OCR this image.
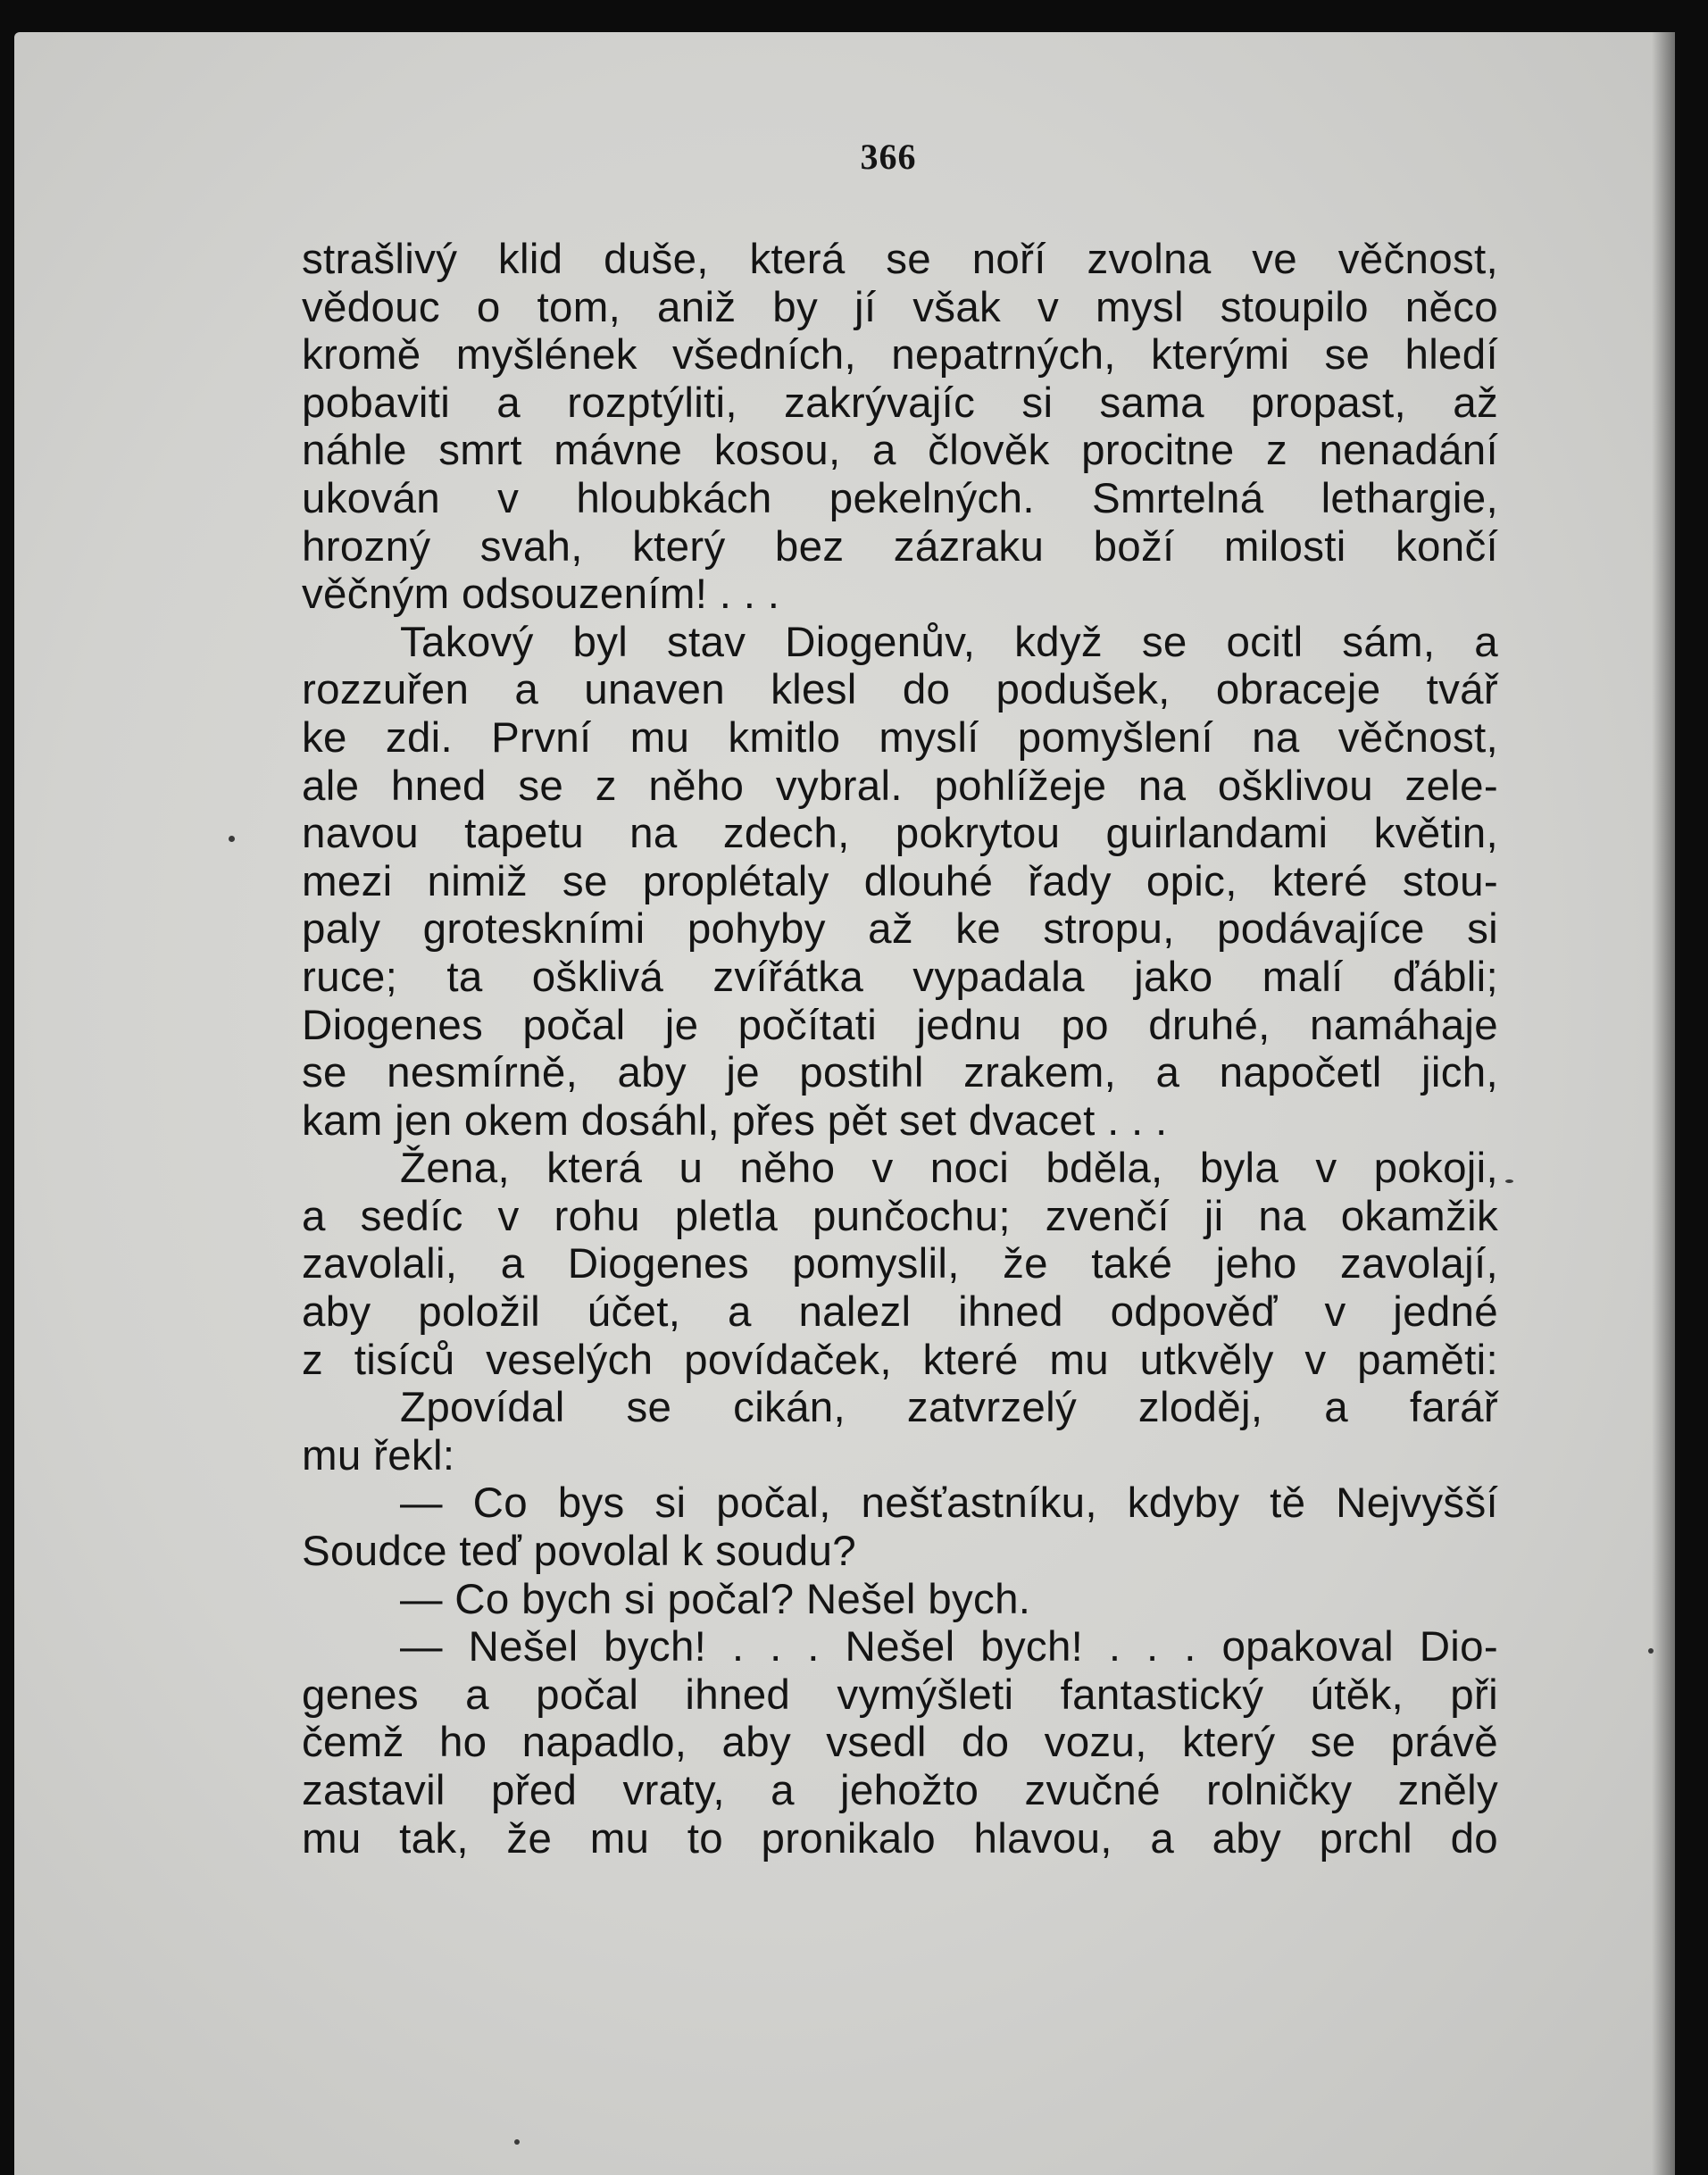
366
strašlivý klid duše, která se noří zvolna ve věčnost,
vědouc o tom, aniž by jí však v mysl stoupilo něco
kromě myšlének všedních, nepatrných, kterými se hledí
pobaviti a rozptýliti, zakrývajíc si sama propast, až
náhle smrt mávne kosou, a člověk procitne z nenadání
ukován v hloubkách pekelných. Smrtelná lethargie,
hrozný svah, který bez zázraku boží milosti končí
věčným odsouzením! . . .
Takový byl stav Diogenův, když se ocitl sám, a
rozzuřen a unaven klesl do podušek, obraceje tvář
ke zdi. První mu kmitlo myslí pomyšlení na věčnost,
ale hned se z něho vybral. pohlížeje na ošklivou zele-
navou tapetu na zdech, pokrytou guirlandami květin,
mezi nimiž se proplétaly dlouhé řady opic, které stou-
paly groteskními pohyby až ke stropu, podávajíce si
ruce; ta ošklivá zvířátka vypadala jako malí ďábli;
Diogenes počal je počítati jednu po druhé, namáhaje
se nesmírně, aby je postihl zrakem, a napočetl jich,
kam jen okem dosáhl, přes pět set dvacet . . .
Žena, která u něho v noci bděla, byla v pokoji,
a sedíc v rohu pletla punčochu; zvenčí ji na okamžik
zavolali, a Diogenes pomyslil, že také jeho zavolají,
aby položil účet, a nalezl ihned odpověď v jedné
z tisíců veselých povídaček, které mu utkvěly v paměti:
Zpovídal se cikán, zatvrzelý zloděj, a farář
mu řekl:
— Co bys si počal, nešťastníku, kdyby tě Nejvyšší
Soudce teď povolal k soudu?
— Co bych si počal? Nešel bych.
— Nešel bych! . . . Nešel bych! . . . opakoval Dio-
genes a počal ihned vymýšleti fantastický útěk, při
čemž ho napadlo, aby vsedl do vozu, který se právě
zastavil před vraty, a jehožto zvučné rolničky zněly
mu tak, že mu to pronikalo hlavou, a aby prchl do
